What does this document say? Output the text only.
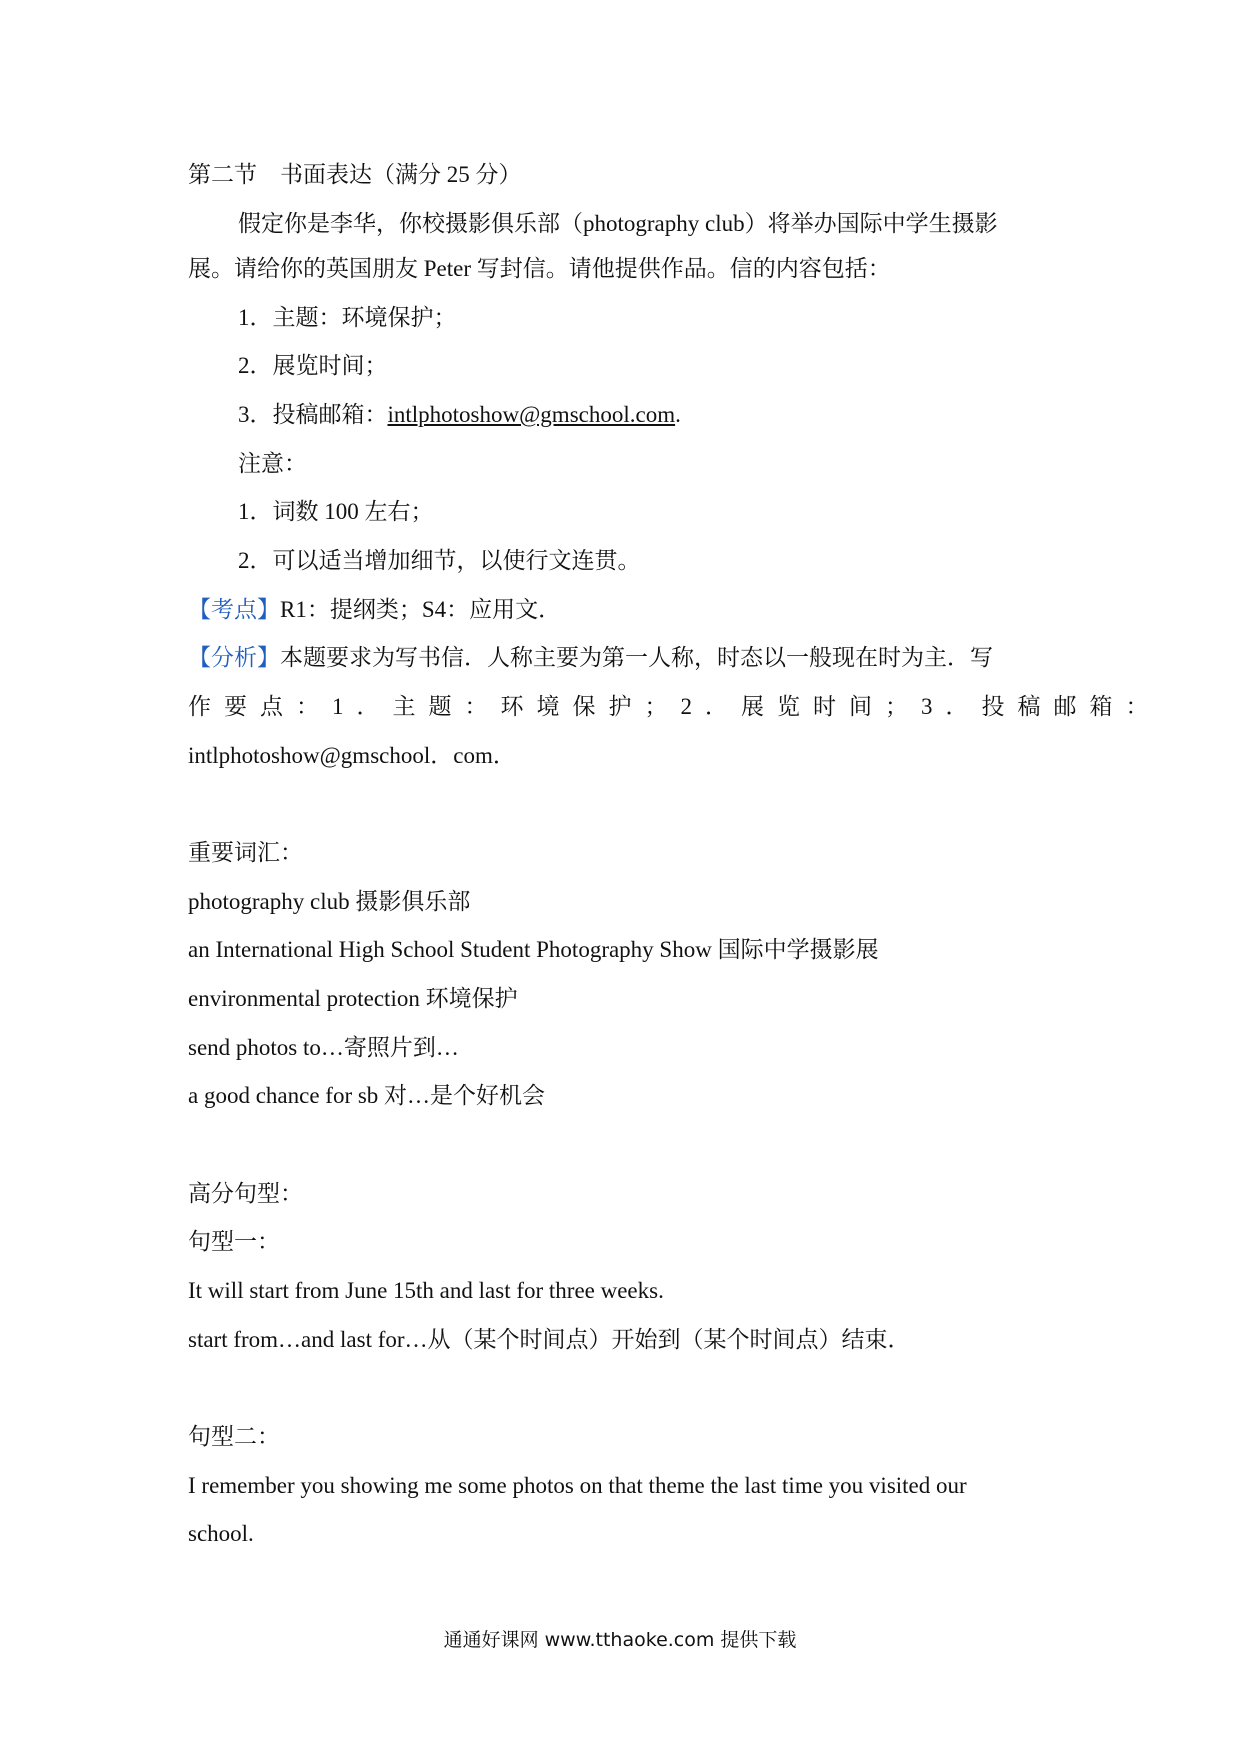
第二节　书面表达（满分 25 分）
假定你是李华，你校摄影俱乐部（photography club）将举办国际中学生摄影
展。请给你的英国朋友 Peter 写封信。请他提供作品。信的内容包括：
1．主题：环境保护；
2．展览时间；
3．投稿邮箱：intlphotoshow@gmschool.com.
注意：
1．词数 100 左右；
2．可以适当增加细节，以使行文连贯。
【考点】R1：提纲类；S4：应用文．
【分析】本题要求为写书信．人称主要为第一人称，时态以一般现在时为主．写
作要点：1．主题：环境保护；2．展览时间；3．投稿邮箱：
intlphotoshow@gmschool．com．
重要词汇：
photography club 摄影俱乐部
an International High School Student Photography Show 国际中学摄影展
environmental protection 环境保护
send photos to…寄照片到…
a good chance for sb 对…是个好机会
高分句型：
句型一：
It will start from June 15th and last for three weeks.
start from…and last for…从（某个时间点）开始到（某个时间点）结束．
句型二：
I remember you showing me some photos on that theme the last time you visited our
school.
通通好课网 www.tthaoke.com 提供下载
